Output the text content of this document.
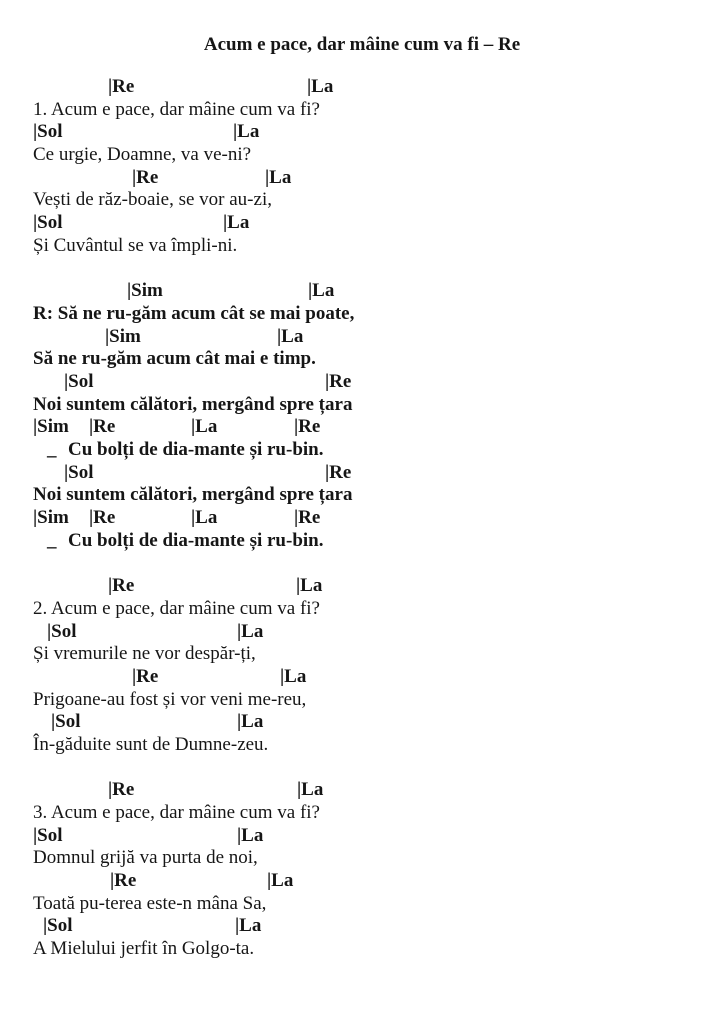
Acum e pace, dar mâine cum va fi – Re
|Re	|La
1. Acum e pace, dar mâine cum va fi?
|Sol	|La
Ce urgie, Doamne, va ve-ni?
|Re	|La
Vești de răz-boaie, se vor au-zi,
|Sol	|La
Și Cuvântul se va împli-ni.
|Sim	|La
R: Să ne ru-găm acum cât se mai poate,
|Sim	|La
Să ne ru-găm acum cât mai e timp.
|Sol	|Re
Noi suntem călători, mergând spre țara
|Sim |Re	|La	|Re
_ Cu bolți de dia-mante și ru-bin.
|Sol	|Re
Noi suntem călători, mergând spre țara
|Sim |Re	|La	|Re
_ Cu bolți de dia-mante și ru-bin.
|Re	|La
2. Acum e pace, dar mâine cum va fi?
|Sol	|La
Și vremurile ne vor despăr-ți,
|Re	|La
Prigoane-au fost și vor veni me-reu,
|Sol	|La
În-găduite sunt de Dumne-zeu.
|Re	|La
3. Acum e pace, dar mâine cum va fi?
|Sol	|La
Domnul grijă va purta de noi,
|Re	|La
Toată pu-terea este-n mâna Sa,
|Sol	|La
A Mielului jerfit în Golgo-ta.
